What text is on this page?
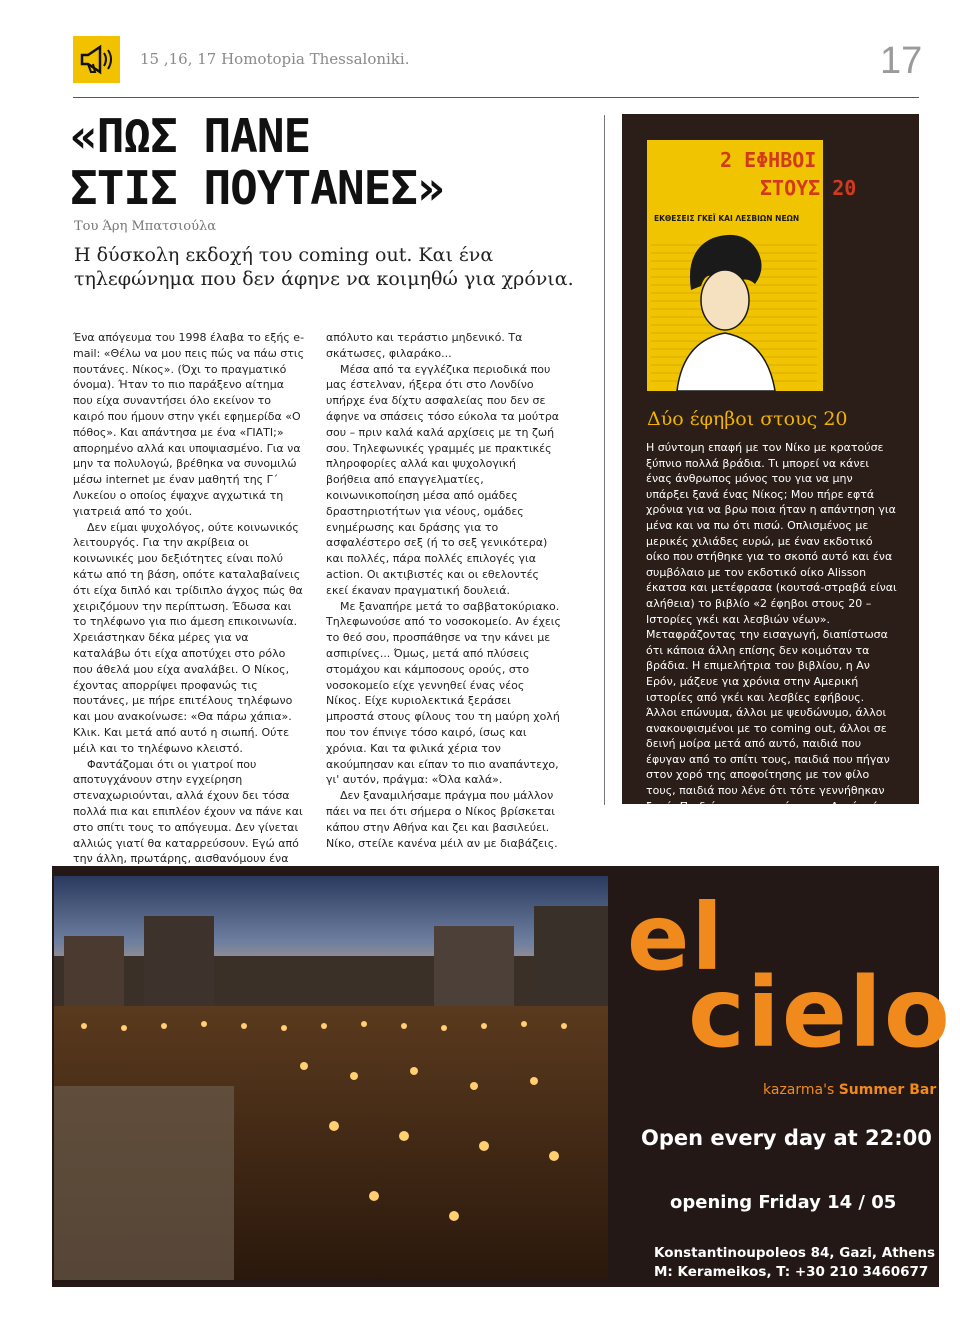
15 ,16, 17 Homotopia Thessaloniki.	17
«ΠΩΣ ΠΑΝΕ
ΣΤΙΣ ΠΟΥΤΑΝΕΣ»
Του Άρη Μπατσιούλα
Η δύσκολη εκδοχή του coming out. Και ένα τηλεφώνημα που δεν άφηνε να κοιμηθώ για χρόνια.

Ένα απόγευμα του 1998 έλαβα το εξής e-mail: «Θέλω να μου πεις πώς να πάω στις πουτάνες. Νίκος». (Όχι το πραγματικό όνομα). Ήταν το πιο παράξενο αίτημα που είχα συναντήσει όλο εκείνον το καιρό που ήμουν στην γκέι εφημερίδα «Ο πόθος». Και απάντησα με ένα «ΓΙΑΤΙ;» απορημένο αλλά και υποψιασμένο. Για να μην τα πολυλογώ, βρέθηκα να συνομιλώ μέσω internet με έναν μαθητή της Γ΄ Λυκείου ο οποίος έψαχνε αγχωτικά τη γιατρειά από το χούι.

Δεν είμαι ψυχολόγος, ούτε κοινωνικός λειτουργός. Για την ακρίβεια οι κοινωνικές μου δεξιότητες είναι πολύ κάτω από τη βάση, οπότε καταλαβαίνεις ότι είχα διπλό και τρίδιπλο άγχος πώς θα χειριζόμουν την περίπτωση. Έδωσα και το τηλέφωνο για πιο άμεση επικοινωνία. Χρειάστηκαν δέκα μέρες για να καταλάβω ότι είχα αποτύχει στο ρόλο που άθελά μου είχα αναλάβει. Ο Νίκος, έχοντας απορρίψει προφανώς τις πουτάνες, με πήρε επιτέλους τηλέφωνο και μου ανακοίνωσε: «Θα πάρω χάπια». Κλικ. Και μετά από αυτό η σιωπή. Ούτε μέιλ και το τηλέφωνο κλειστό.

Φαντάζομαι ότι οι γιατροί που αποτυγχάνουν στην εγχείρηση στεναχωριούνται, αλλά έχουν δει τόσα πολλά πια και επιπλέον έχουν να πάνε και στο σπίτι τους το απόγευμα. Δεν γίνεται αλλιώς γιατί θα καταρρεύσουν. Εγώ από την άλλη, πρωτάρης, αισθανόμουν ένα

απόλυτο και τεράστιο μηδενικό. Τα σκάτωσες, φιλαράκο...

Μέσα από τα εγγλέζικα περιοδικά που μας έστελναν, ήξερα ότι στο Λονδίνο υπήρχε ένα δίχτυ ασφαλείας που δεν σε άφηνε να σπάσεις τόσο εύκολα τα μούτρα σου – πριν καλά καλά αρχίσεις με τη ζωή σου. Τηλεφωνικές γραμμές με πρακτικές πληροφορίες αλλά και ψυχολογική βοήθεια από επαγγελματίες, κοινωνικοποίηση μέσα από ομάδες δραστηριοτήτων για νέους, ομάδες ενημέρωσης και δράσης για το ασφαλέστερο σεξ (ή το σεξ γενικότερα) και πολλές, πάρα πολλές επιλογές για action. Οι ακτιβιστές και οι εθελοντές εκεί έκαναν πραγματική δουλειά.

Με ξαναπήρε μετά το σαββατοκύριακο. Τηλεφωνούσε από το νοσοκομείο. Αν έχεις το θεό σου, προσπάθησε να την κάνει με ασπιρίνες... Όμως, μετά από πλύσεις στομάχου και κάμποσους ορούς, στο νοσοκομείο είχε γεννηθεί ένας νέος Νίκος. Είχε κυριολεκτικά ξεράσει μπροστά στους φίλους του τη μαύρη χολή που τον έπνιγε τόσο καιρό, ίσως και χρόνια. Και τα φιλικά χέρια τον ακούμπησαν και είπαν το πιο αναπάντεχο, γι' αυτόν, πράγμα: «Όλα καλά».

Δεν ξαναμιλήσαμε πράγμα που μάλλον πάει να πει ότι σήμερα ο Νίκος βρίσκεται κάπου στην Αθήνα και ζει και βασιλεύει. Νίκο, στείλε κανένα μέιλ αν με διαβάζεις.

2 ΕΦΗΒΟΙ
ΣΤΟΥΣ 20
ΕΚΘΕΣΕΙΣ ΓΚΕΪ ΚΑΙ ΛΕΣΒΙΩΝ ΝΕΩΝ
Δύο έφηβοι στους 20
Η σύντομη επαφή με τον Νίκο με κρατούσε ξύπνιο πολλά βράδια. Τι μπορεί να κάνει ένας άνθρωπος μόνος του για να μην υπάρξει ξανά ένας Νίκος; Μου πήρε εφτά χρόνια για να βρω ποια ήταν η απάντηση για μένα και να πω ότι πισώ. Οπλισμένος με μερικές χιλιάδες ευρώ, με έναν εκδοτικό οίκο που στήθηκε για το σκοπό αυτό και ένα συμβόλαιο με τον εκδοτικό οίκο Alisson έκατσα και μετέφρασα (κουτσά-στραβά είναι αλήθεια) το βιβλίο «2 έφηβοι στους 20 – Ιστορίες γκέι και λεσβιών νέων». Μεταφράζοντας την εισαγωγή, διαπίστωσα ότι κάποια άλλη επίσης δεν κοιμόταν τα βράδια. Η επιμελήτρια του βιβλίου, η Αν Ερόν, μάζευε για χρόνια στην Αμερική ιστορίες από γκέι και λεσβίες εφήβους. Άλλοι επώνυμα, άλλοι με ψευδώνυμο, άλλοι ανακουφισμένοι με το coming out, άλλοι σε δεινή μοίρα μετά από αυτό, παιδιά που έφυγαν από το σπίτι τους, παιδιά που πήγαν στον χορό της αποφοίτησης με τον φίλο τους, παιδιά που λένε ότι τότε γεννήθηκαν ξανά. Παιδιά που αυτοκτόνησαν. Αυτές είναι οι ιστορίες τους.
el
cielo
kazarma's Summer Bar
Open every day at 22:00
opening Friday 14 / 05
Konstantinoupoleos 84, Gazi, Athens
M: Kerameikos, T: +30 210 3460677
